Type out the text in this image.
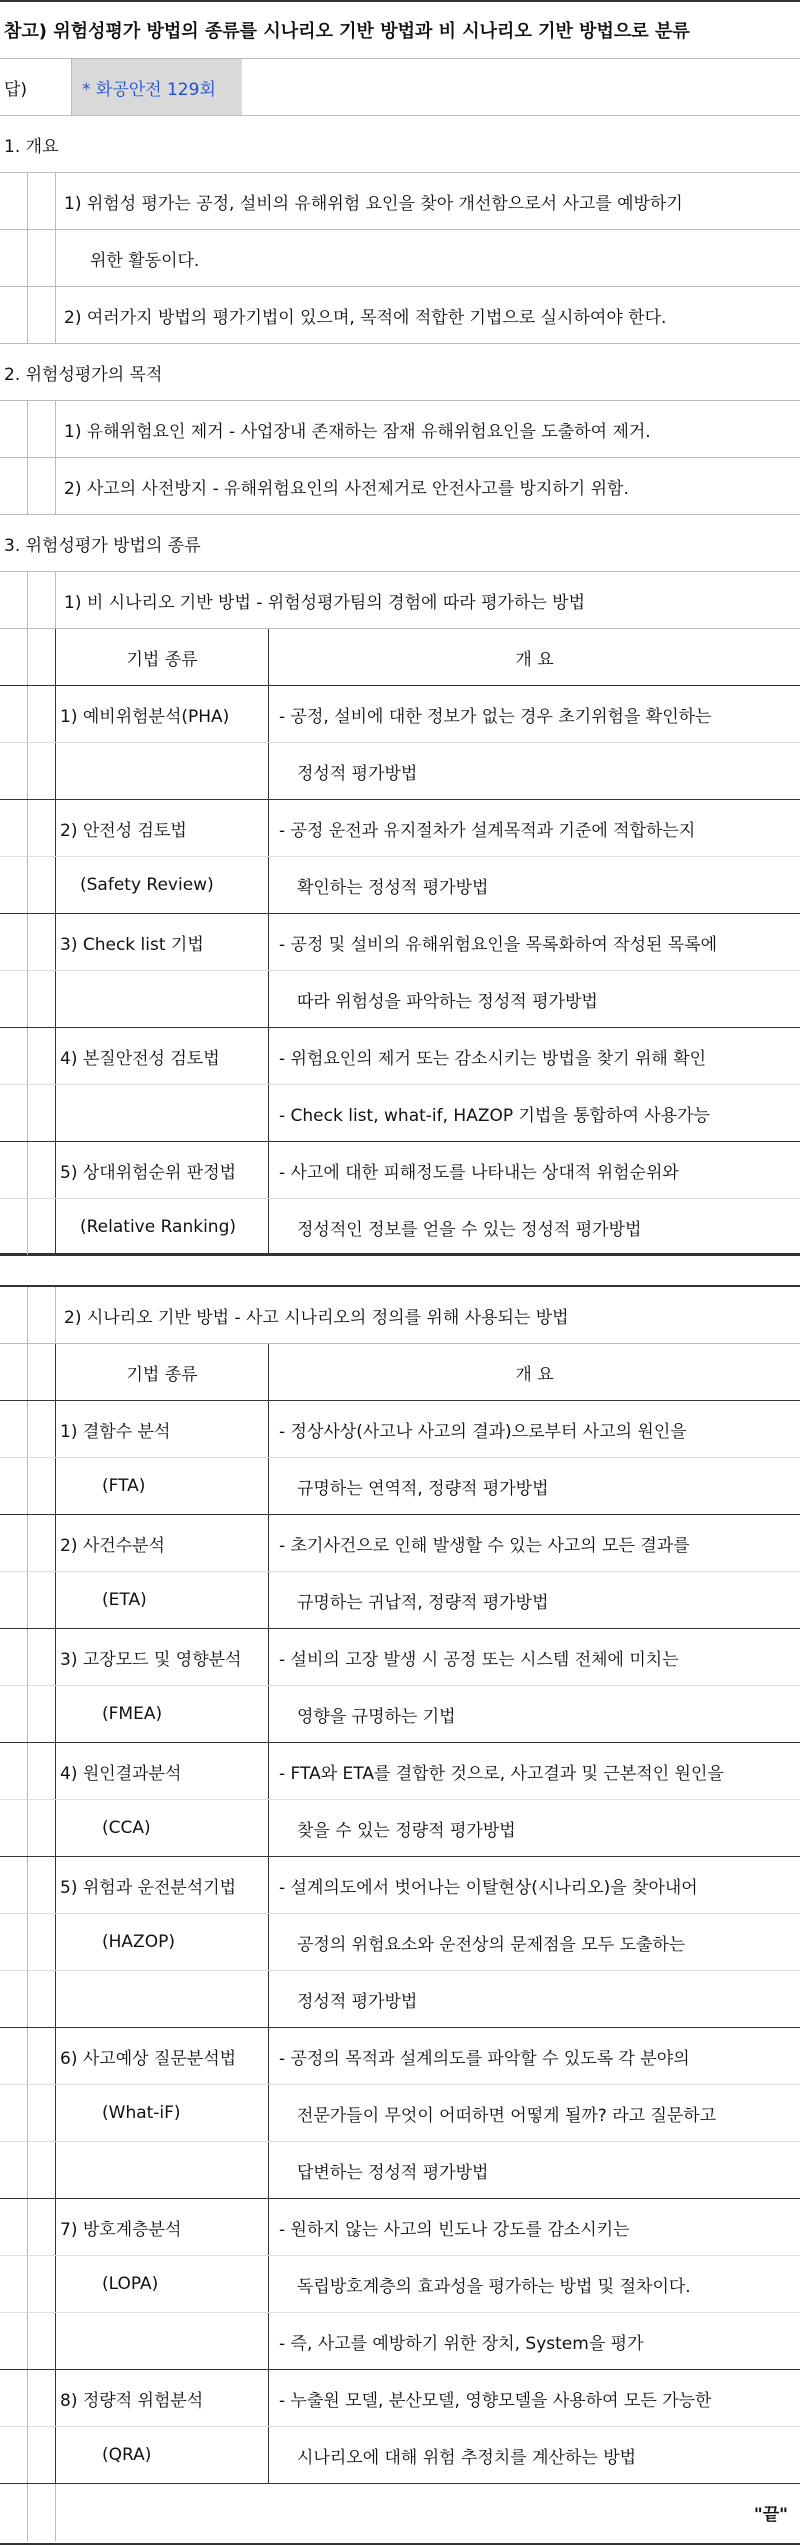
참고) 위험성평가 방법의 종류를 시나리오 기반 방법과 비 시나리오 기반 방법으로 분류
답)	* 화공안전 129회
1. 개요
1) 위험성 평가는 공정, 설비의 유해위험 요인을 찾아 개선함으로서 사고를 예방하기
위한 활동이다.
2) 여러가지 방법의 평가기법이 있으며, 목적에 적합한 기법으로 실시하여야 한다.
2. 위험성평가의 목적
1) 유해위험요인 제거 - 사업장내 존재하는 잠재 유해위험요인을 도출하여 제거.
2) 사고의 사전방지 - 유해위험요인의 사전제거로 안전사고를 방지하기 위함.
3. 위험성평가 방법의 종류
1) 비 시나리오 기반 방법 - 위험성평가팀의 경험에 따라 평가하는 방법
기법 종류	개 요
1) 예비위험분석(PHA)	- 공정, 설비에 대한 정보가 없는 경우 초기위험을 확인하는
정성적 평가방법
2) 안전성 검토법	- 공정 운전과 유지절차가 설계목적과 기준에 적합하는지
(Safety Review)	확인하는 정성적 평가방법
3) Check list 기법	- 공정 및 설비의 유해위험요인을 목록화하여 작성된 목록에
따라 위험성을 파악하는 정성적 평가방법
4) 본질안전성 검토법	- 위험요인의 제거 또는 감소시키는 방법을 찾기 위해 확인
- Check list, what-if, HAZOP 기법을 통합하여 사용가능
5) 상대위험순위 판정법	- 사고에 대한 피해정도를 나타내는 상대적 위험순위와
(Relative Ranking)	정성적인 정보를 얻을 수 있는 정성적 평가방법
2) 시나리오 기반 방법 - 사고 시나리오의 정의를 위해 사용되는 방법
기법 종류	개 요
1) 결함수 분석	- 정상사상(사고나 사고의 결과)으로부터 사고의 원인을
(FTA)	규명하는 연역적, 정량적 평가방법
2) 사건수분석	- 초기사건으로 인해 발생할 수 있는 사고의 모든 결과를
(ETA)	규명하는 귀납적, 정량적 평가방법
3) 고장모드 및 영향분석	- 설비의 고장 발생 시 공정 또는 시스템 전체에 미치는
(FMEA)	영향을 규명하는 기법
4) 원인결과분석	- FTA와 ETA를 결합한 것으로, 사고결과 및 근본적인 원인을
(CCA)	찾을 수 있는 정량적 평가방법
5) 위험과 운전분석기법	- 설계의도에서 벗어나는 이탈현상(시나리오)을 찾아내어
(HAZOP)	공정의 위험요소와 운전상의 문제점을 모두 도출하는
정성적 평가방법
6) 사고예상 질문분석법	- 공정의 목적과 설계의도를 파악할 수 있도록 각 분야의
(What-iF)	전문가들이 무엇이 어떠하면 어떻게 될까? 라고 질문하고
답변하는 정성적 평가방법
7) 방호계층분석	- 원하지 않는 사고의 빈도나 강도를 감소시키는
(LOPA)	독립방호계층의 효과성을 평가하는 방법 및 절차이다.
- 즉, 사고를 예방하기 위한 장치, System을 평가
8) 정량적 위험분석	- 누출원 모델, 분산모델, 영향모델을 사용하여 모든 가능한
(QRA)	시나리오에 대해 위험 추정치를 계산하는 방법
"끝"
